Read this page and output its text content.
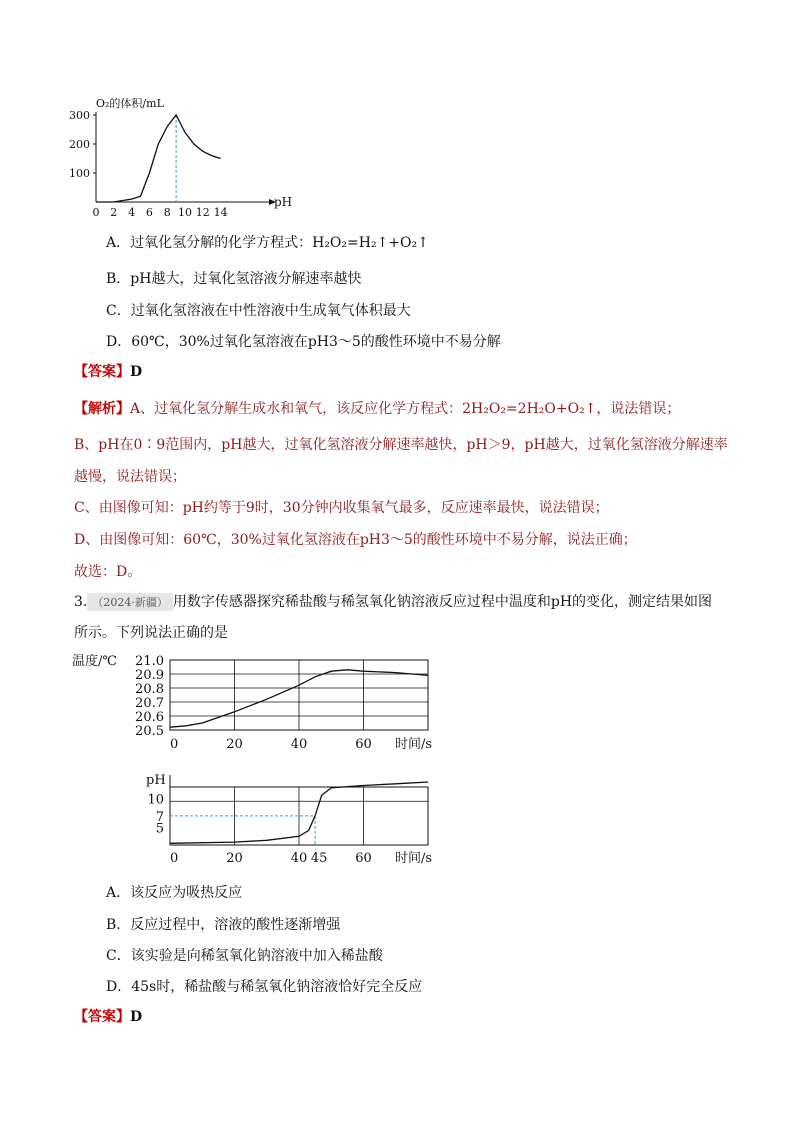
O₂的体积/mL
300
200
100
0 2 4 6 8 10 12 14
pH
A．过氧化氢分解的化学方程式：H₂O₂=H₂↑+O₂↑
B．pH越大，过氧化氢溶液分解速率越快
C．过氧化氢溶液在中性溶液中生成氧气体积最大
D．60℃，30%过氧化氢溶液在pH3～5的酸性环境中不易分解
【答案】D
【解析】A、过氧化氢分解生成水和氧气，该反应化学方程式：2H₂O₂=2H₂O+O₂↑，说法错误；
B、pH在0∶9范围内，pH越大，过氧化氢溶液分解速率越快，pH＞9，pH越大，过氧化氢溶液分解速率
越慢，说法错误；
C、由图像可知：pH约等于9时，30分钟内收集氧气最多，反应速率最快，说法错误；
D、由图像可知：60℃，30%过氧化氢溶液在pH3～5的酸性环境中不易分解，说法正确；
故选：D。
3. （2024·新疆） 用数字传感器探究稀盐酸与稀氢氧化钠溶液反应过程中温度和pH的变化，测定结果如图
所示。下列说法正确的是
温度/℃ 21.0
20.9
20.8
20.7
20.6
20.5
0	20	40	60 时间/s
pH
10
7
5
0	20	40 45 60 时间/s
A．该反应为吸热反应
B．反应过程中，溶液的酸性逐渐增强
C．该实验是向稀氢氧化钠溶液中加入稀盐酸
D．45s时，稀盐酸与稀氢氧化钠溶液恰好完全反应
【答案】D
